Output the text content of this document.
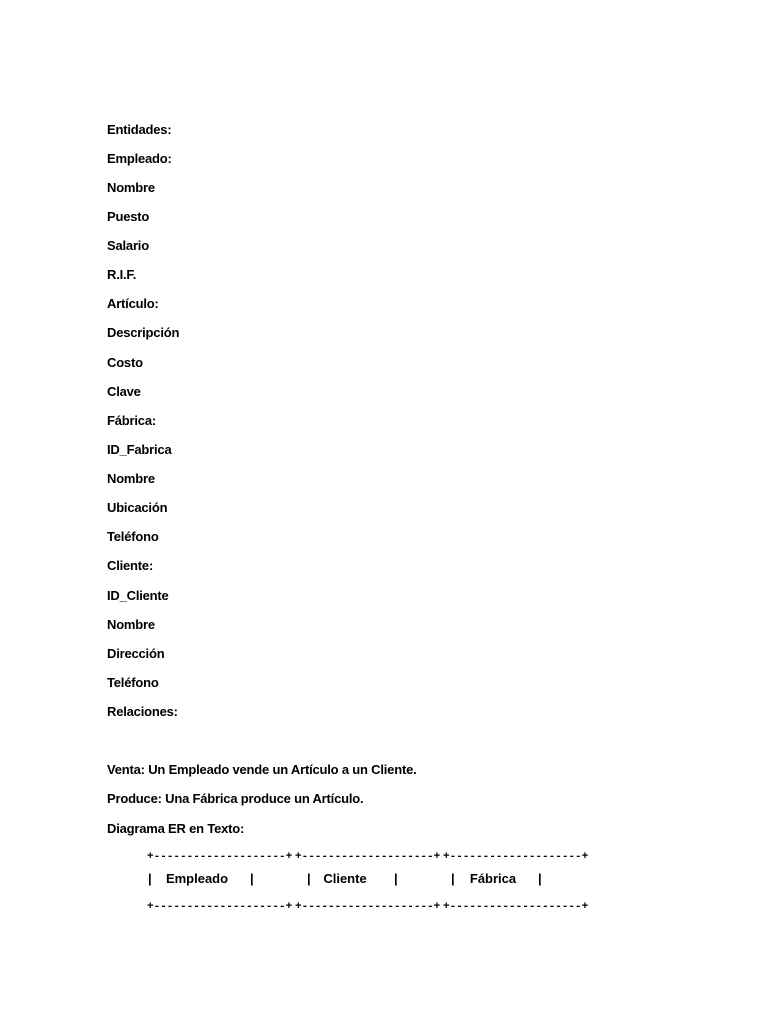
Entidades:
Empleado:
Nombre
Puesto
Salario
R.I.F.
Artículo:
Descripción
Costo
Clave
Fábrica:
ID_Fabrica
Nombre
Ubicación
Teléfono
Cliente:
ID_Cliente
Nombre
Dirección
Teléfono
Relaciones:
Venta: Un Empleado vende un Artículo a un Cliente.
Produce: Una Fábrica produce un Artículo.
Diagrama ER en Texto:
+--------------------+
|	Empleado	|
+--------------------+
+--------------------+
| Cliente	|
+--------------------+
+--------------------+
|	Fábrica	|
+--------------------+
